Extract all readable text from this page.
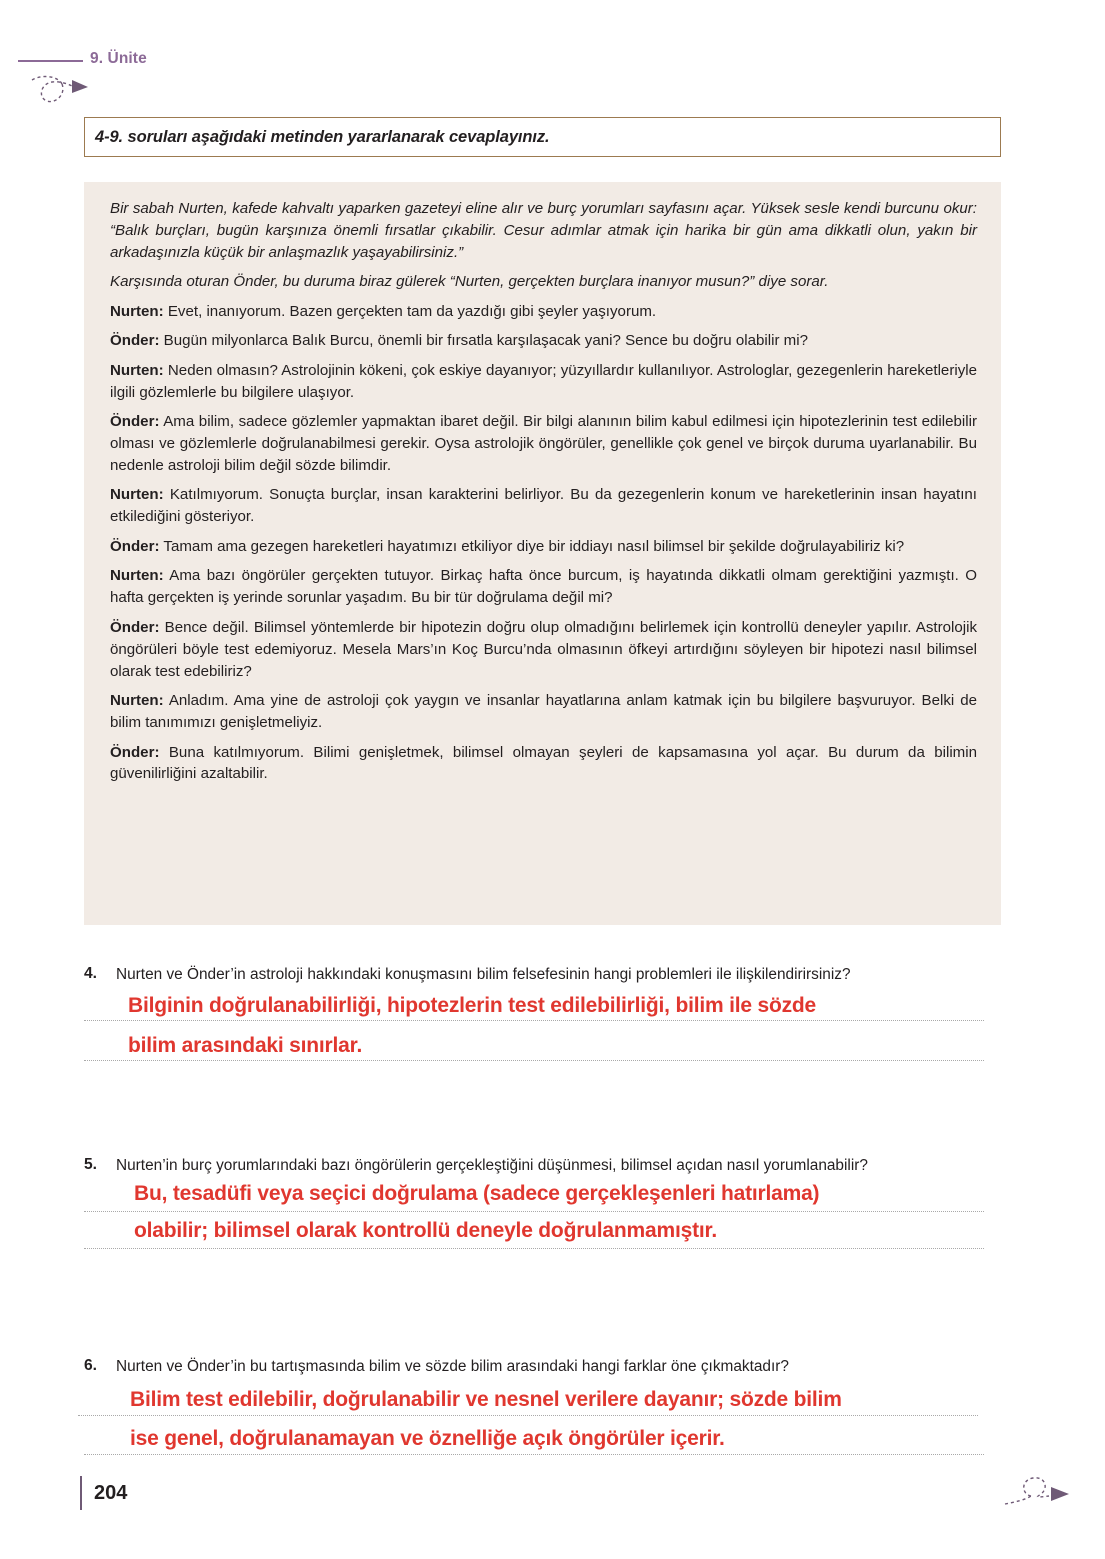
9. Ünite
4-9. soruları aşağıdaki metinden yararlanarak cevaplayınız.

Bir sabah Nurten, kafede kahvaltı yaparken gazeteyi eline alır ve burç yorumları sayfasını açar. Yüksek sesle kendi burcunu okur: “Balık burçları, bugün karşınıza önemli fırsatlar çıkabilir. Cesur adımlar atmak için harika bir gün ama dikkatli olun, yakın bir arkadaşınızla küçük bir anlaşmazlık yaşayabilirsiniz.”

Karşısında oturan Önder, bu duruma biraz gülerek “Nurten, gerçekten burçlara inanıyor musun?” diye sorar.

Nurten: Evet, inanıyorum. Bazen gerçekten tam da yazdığı gibi şeyler yaşıyorum.

Önder: Bugün milyonlarca Balık Burcu, önemli bir fırsatla karşılaşacak yani? Sence bu doğru olabilir mi?

Nurten: Neden olmasın? Astrolojinin kökeni, çok eskiye dayanıyor; yüzyıllardır kullanılıyor. Astrologlar, gezegenlerin hareketleriyle ilgili gözlemlerle bu bilgilere ulaşıyor.

Önder: Ama bilim, sadece gözlemler yapmaktan ibaret değil. Bir bilgi alanının bilim kabul edilmesi için hipotezlerinin test edilebilir olması ve gözlemlerle doğrulanabilmesi gerekir. Oysa astrolojik öngörüler, genellikle çok genel ve birçok duruma uyarlanabilir. Bu nedenle astroloji bilim değil sözde bilimdir.

Nurten: Katılmıyorum. Sonuçta burçlar, insan karakterini belirliyor. Bu da gezegenlerin konum ve hareketlerinin insan hayatını etkilediğini gösteriyor.

Önder: Tamam ama gezegen hareketleri hayatımızı etkiliyor diye bir iddiayı nasıl bilimsel bir şekilde doğrulayabiliriz ki?

Nurten: Ama bazı öngörüler gerçekten tutuyor. Birkaç hafta önce burcum, iş hayatında dikkatli olmam gerektiğini yazmıştı. O hafta gerçekten iş yerinde sorunlar yaşadım. Bu bir tür doğrulama değil mi?

Önder: Bence değil. Bilimsel yöntemlerde bir hipotezin doğru olup olmadığını belirlemek için kontrollü deneyler yapılır. Astrolojik öngörüleri böyle test edemiyoruz. Mesela Mars’ın Koç Burcu’nda olmasının öfkeyi artırdığını söyleyen bir hipotezi nasıl bilimsel olarak test edebiliriz?

Nurten: Anladım. Ama yine de astroloji çok yaygın ve insanlar hayatlarına anlam katmak için bu bilgilere başvuruyor. Belki de bilim tanımımızı genişletmeliyiz.

Önder: Buna katılmıyorum. Bilimi genişletmek, bilimsel olmayan şeyleri de kapsamasına yol açar. Bu durum da bilimin güvenilirliğini azaltabilir.

4.	Nurten ve Önder’in astroloji hakkındaki konuşmasını bilim felsefesinin hangi problemleri ile ilişkilendirirsiniz?
Bilginin doğrulanabilirliği, hipotezlerin test edilebilirliği, bilim ile sözde
bilim arasındaki sınırlar.
5.	Nurten’in burç yorumlarındaki bazı öngörülerin gerçekleştiğini düşünmesi, bilimsel açıdan nasıl yorumlanabilir?
Bu, tesadüfi veya seçici doğrulama (sadece gerçekleşenleri hatırlama)
olabilir; bilimsel olarak kontrollü deneyle doğrulanmamıştır.
6.	Nurten ve Önder’in bu tartışmasında bilim ve sözde bilim arasındaki hangi farklar öne çıkmaktadır?
Bilim test edilebilir, doğrulanabilir ve nesnel verilere dayanır; sözde bilim
ise genel, doğrulanamayan ve öznelliğe açık öngörüler içerir.
204
